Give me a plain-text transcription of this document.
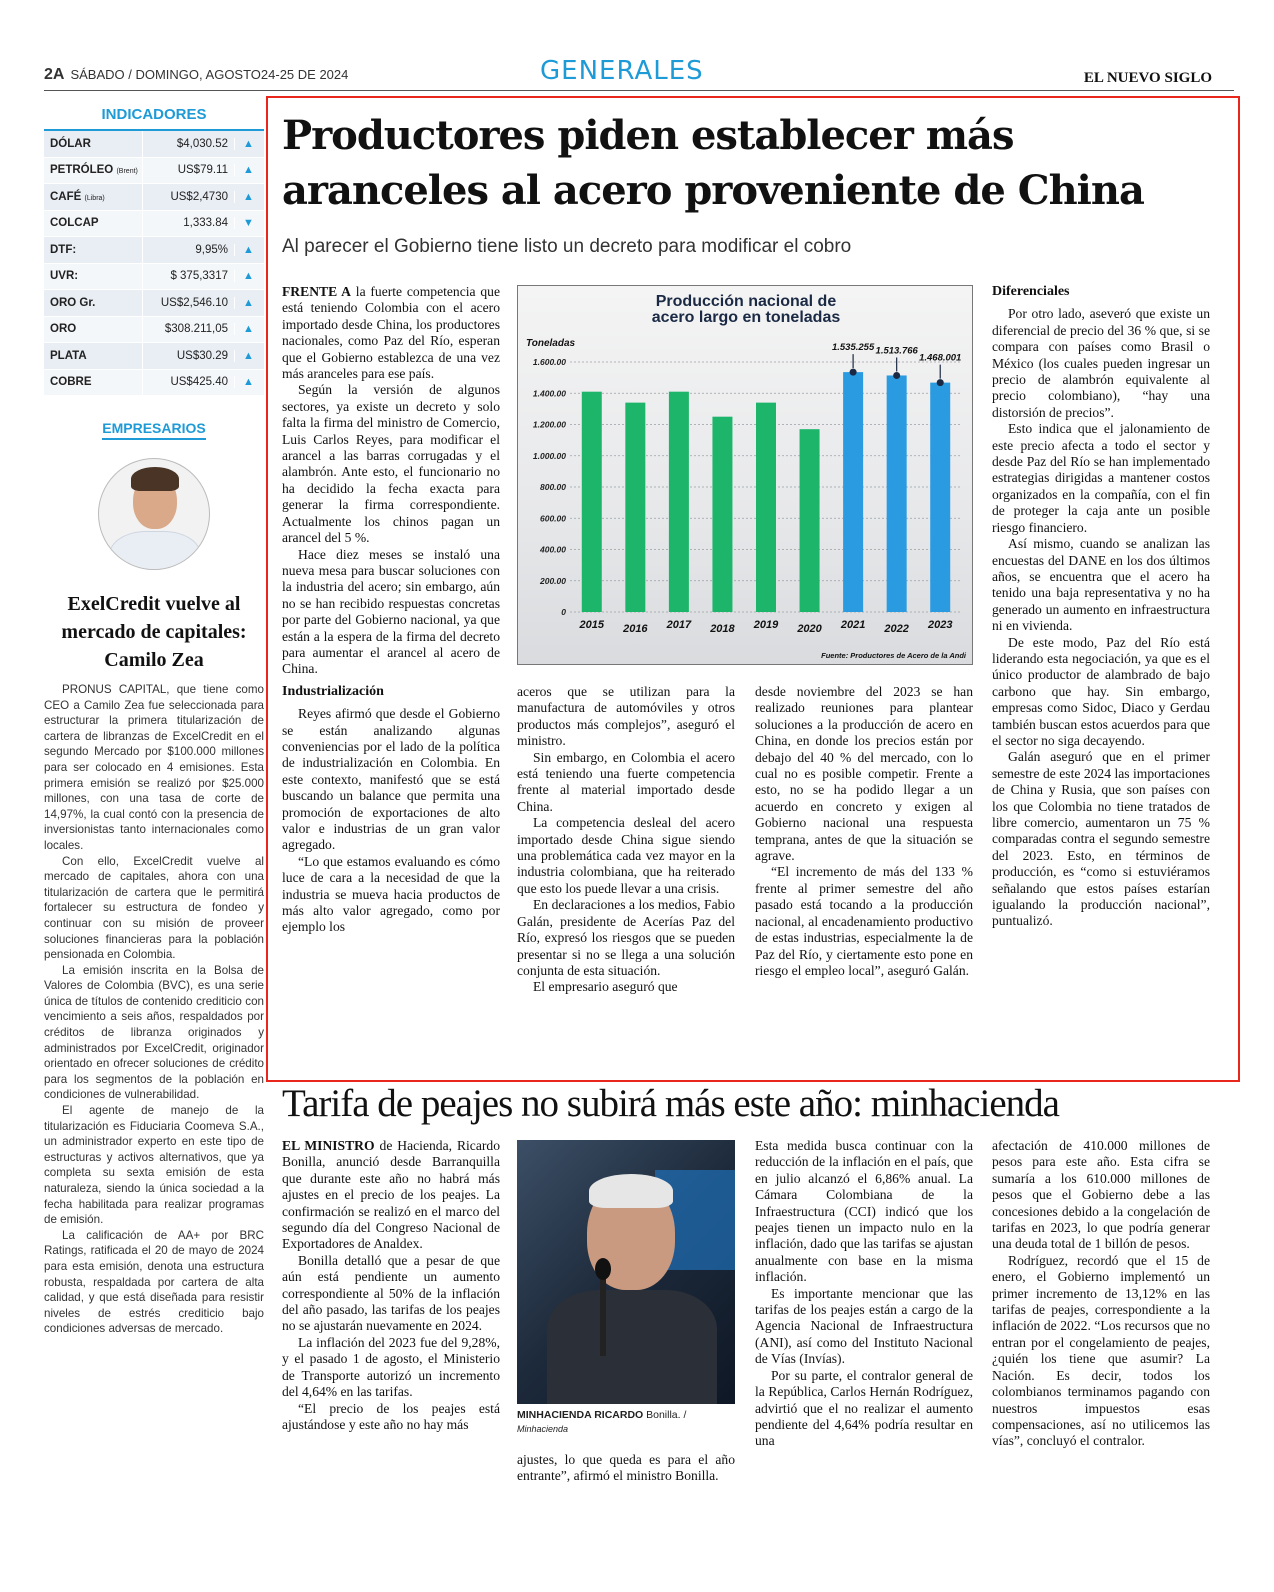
2A SÁBADO / DOMINGO, AGOSTO24-25 DE 2024	GENERALES	EL NUEVO SIGLO
INDICADORES
DÓLAR	$4,030.52	▲
PETRÓLEO (Brent)	US$79.11	▲
CAFÉ (Libra)	US$2,4730	▲
COLCAP	1,333.84	▼
DTF:	9,95%	▲
UVR:	$ 375,3317	▲
ORO Gr.	US$2,546.10	▲
ORO	$308.211,05	▲
PLATA	US$30.29	▲
COBRE	US$425.40	▲
EMPRESARIOS
ExelCredit vuelve al mercado de capitales: Camilo Zea

PRONUS CAPITAL, que tiene como CEO a Camilo Zea fue seleccionada para estructurar la primera titularización de cartera de libranzas de ExcelCredit en el segundo Mercado por $100.000 millones para ser colocado en 4 emisiones. Esta primera emisión se realizó por $25.000 millones, con una tasa de corte de 14,97%, la cual contó con la presencia de inversionistas tanto internacionales como locales.

Con ello, ExcelCredit vuelve al mercado de capitales, ahora con una titularización de cartera que le permitirá fortalecer su estructura de fondeo y continuar con su misión de proveer soluciones financieras para la población pensionada en Colombia.

La emisión inscrita en la Bolsa de Valores de Colombia (BVC), es una serie única de títulos de contenido crediticio con vencimiento a seis años, respaldados por créditos de libranza originados y administrados por ExcelCredit, originador orientado en ofrecer soluciones de crédito para los segmentos de la población en condiciones de vulnerabilidad.

El agente de manejo de la titularización es Fiduciaria Coomeva S.A., un administrador experto en este tipo de estructuras y activos alternativos, que ya completa su sexta emisión de esta naturaleza, siendo la única sociedad a la fecha habilitada para realizar programas de emisión.

La calificación de AA+ por BRC Ratings, ratificada el 20 de mayo de 2024 para esta emisión, denota una estructura robusta, respaldada por cartera de alta calidad, y que está diseñada para resistir niveles de estrés crediticio bajo condiciones adversas de mercado.

Productores piden establecer más aranceles al acero proveniente de China
Al parecer el Gobierno tiene listo un decreto para modificar el cobro

FRENTE A la fuerte competencia que está teniendo Colombia con el acero importado desde China, los productores nacionales, como Paz del Río, esperan que el Gobierno establezca de una vez más aranceles para ese país.

Según la versión de algunos sectores, ya existe un decreto y solo falta la firma del ministro de Comercio, Luis Carlos Reyes, para modificar el arancel a las barras corrugadas y el alambrón. Ante esto, el funcionario no ha decidido la fecha exacta para generar la firma correspondiente. Actualmente los chinos pagan un arancel del 5 %.

Hace diez meses se instaló una nueva mesa para buscar soluciones con la industria del acero; sin embargo, aún no se han recibido respuestas concretas por parte del Gobierno nacional, ya que están a la espera de la firma del decreto para aumentar el arancel al acero de China.

Industrialización

Reyes afirmó que desde el Gobierno se están analizando algunas conveniencias por el lado de la política de industrialización en Colombia. En este contexto, manifestó que se está buscando un balance que permita una promoción de exportaciones de alto valor e industrias de un gran valor agregado.

“Lo que estamos evaluando es cómo luce de cara a la necesidad de que la industria se mueva hacia productos de más alto valor agregado, como por ejemplo los

Producción nacional de
acero largo en toneladas
Toneladas
0
200.00
400.00
600.00
800.00
1.000.00
1.200.00
1.400.00
1.600.00
2015 2016 2017 2018 2019 2020 2021
1.535.255
2022
1.513.766
2023
1.468.001
Fuente: Productores de Acero de la Andi

aceros que se utilizan para la manufactura de automóviles y otros productos más complejos”, aseguró el ministro.

Sin embargo, en Colombia el acero está teniendo una fuerte competencia frente al material importado desde China.

La competencia desleal del acero importado desde China sigue siendo una problemática cada vez mayor en la industria colombiana, que ha reiterado que esto los puede llevar a una crisis.

En declaraciones a los medios, Fabio Galán, presidente de Acerías Paz del Río, expresó los riesgos que se pueden presentar si no se llega a una solución conjunta de esta situación.

El empresario aseguró que

desde noviembre del 2023 se han realizado reuniones para plantear soluciones a la producción de acero en China, en donde los precios están por debajo del 40 % del mercado, con lo cual no es posible competir. Frente a esto, no se ha podido llegar a un acuerdo en concreto y exigen al Gobierno nacional una respuesta temprana, antes de que la situación se agrave.

“El incremento de más del 133 % frente al primer semestre del año pasado está tocando a la producción nacional, al encadenamiento productivo de estas industrias, especialmente la de Paz del Río, y ciertamente esto pone en riesgo el empleo local”, aseguró Galán.

Diferenciales

Por otro lado, aseveró que existe un diferencial de precio del 36 % que, si se compara con países como Brasil o México (los cuales pueden ingresar un precio de alambrón equivalente al precio colombiano), “hay una distorsión de precios”.

Esto indica que el jalonamiento de este precio afecta a todo el sector y desde Paz del Río se han implementado estrategias dirigidas a mantener costos organizados en la compañía, con el fin de proteger la caja ante un posible riesgo financiero.

Así mismo, cuando se analizan las encuestas del DANE en los dos últimos años, se encuentra que el acero ha tenido una baja representativa y no ha generado un aumento en infraestructura ni en vivienda.

De este modo, Paz del Río está liderando esta negociación, ya que es el único productor de alambrado de bajo carbono que hay. Sin embargo, empresas como Sidoc, Diaco y Gerdau también buscan estos acuerdos para que el sector no siga decayendo.

Galán aseguró que en el primer semestre de este 2024 las importaciones de China y Rusia, que son países con los que Colombia no tiene tratados de libre comercio, aumentaron un 75 % comparadas contra el segundo semestre del 2023. Esto, en términos de producción, es “como si estuviéramos señalando que estos países estarían igualando la producción nacional”, puntualizó.

Tarifa de peajes no subirá más este año: minhacienda

EL MINISTRO de Hacienda, Ricardo Bonilla, anunció desde Barranquilla que durante este año no habrá más ajustes en el precio de los peajes. La confirmación se realizó en el marco del segundo día del Congreso Nacional de Exportadores de Analdex.

Bonilla detalló que a pesar de que aún está pendiente un aumento correspondiente al 50% de la inflación del año pasado, las tarifas de los peajes no se ajustarán nuevamente en 2024.

La inflación del 2023 fue del 9,28%, y el pasado 1 de agosto, el Ministerio de Transporte autorizó un incremento del 4,64% en las tarifas.

“El precio de los peajes está ajustándose y este año no hay más

MINHACIENDA RICARDO Bonilla. /
Minhacienda

ajustes, lo que queda es para el año entrante”, afirmó el ministro Bonilla.

Esta medida busca continuar con la reducción de la inflación en el país, que en julio alcanzó el 6,86% anual. La Cámara Colombiana de la Infraestructura (CCI) indicó que los peajes tienen un impacto nulo en la inflación, dado que las tarifas se ajustan anualmente con base en la misma inflación.

Es importante mencionar que las tarifas de los peajes están a cargo de la Agencia Nacional de Infraestructura (ANI), así como del Instituto Nacional de Vías (Invías).

Por su parte, el contralor general de la República, Carlos Hernán Rodríguez, advirtió que el no realizar el aumento pendiente del 4,64% podría resultar en una

afectación de 410.000 millones de pesos para este año. Esta cifra se sumaría a los 610.000 millones de pesos que el Gobierno debe a las concesiones debido a la congelación de tarifas en 2023, lo que podría generar una deuda total de 1 billón de pesos.

Rodríguez, recordó que el 15 de enero, el Gobierno implementó un primer incremento de 13,12% en las tarifas de peajes, correspondiente a la inflación de 2022. “Los recursos que no entran por el congelamiento de peajes, ¿quién los tiene que asumir? La Nación. Es decir, todos los colombianos terminamos pagando con nuestros impuestos esas compensaciones, así no utilicemos las vías”, concluyó el contralor.
